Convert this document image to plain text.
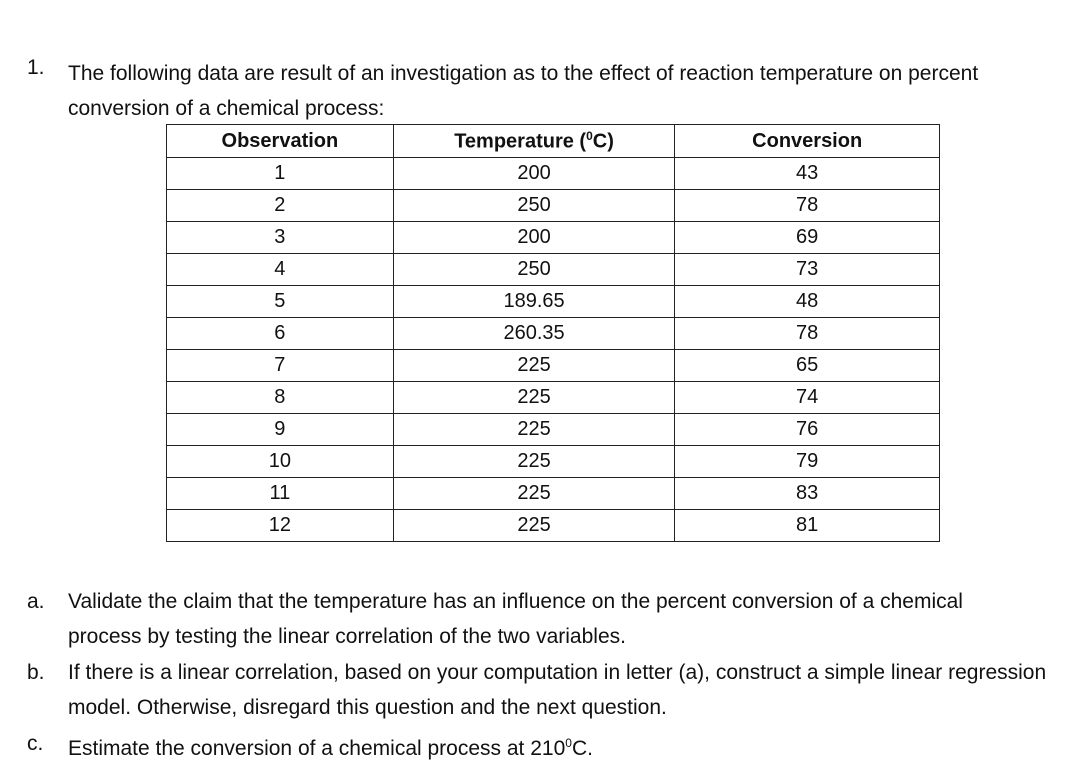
1. The following data are result of an investigation as to the effect of reaction temperature on percent conversion of a chemical process:
Observation	Temperature ($^0$C)	Conversion
1	200	43
2	250	78
3	200	69
4	250	73
5	189.65	48
6	260.35	78
7	225	65
8	225	74
9	225	76
10	225	79
11	225	83
12	225	81
a. Validate the claim that the temperature has an influence on the percent conversion of a chemical process by testing the linear correlation of the two variables.
b. If there is a linear correlation, based on your computation in letter (a), construct a simple linear regression model. Otherwise, disregard this question and the next question.
c. Estimate the conversion of a chemical process at $210^0C$.
